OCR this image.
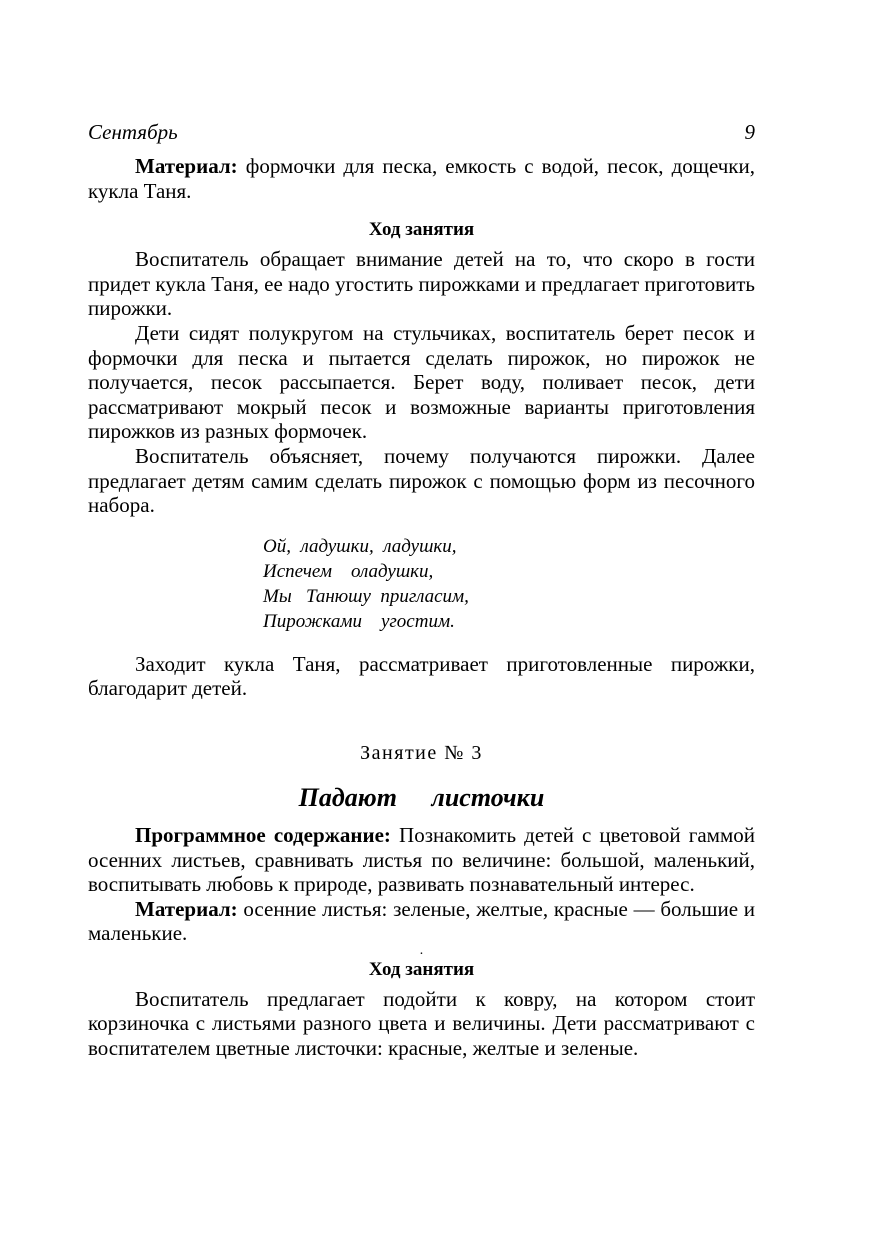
Сентябрь	9

Материал: формочки для песка, емкость с водой, песок, дощечки, кукла Таня.

Ход занятия

Воспитатель обращает внимание детей на то, что скоро в гости придет кукла Таня, ее надо угостить пирожками и предлагает приготовить пирожки.

Дети сидят полукругом на стульчиках, воспитатель берет песок и формочки для песка и пытается сделать пирожок, но пирожок не получается, песок рассыпается. Берет воду, поливает песок, дети рассматривают мокрый песок и возможные варианты приготовления пирожков из разных формочек.

Воспитатель объясняет, почему получаются пирожки. Далее предлагает детям самим сделать пирожок с помощью форм из песочного набора.

Ой,  ладушки,  ладушки,
Испечем    оладушки,
Мы   Танюшу  пригласим,
Пирожками    угостим.

Заходит кукла Таня, рассматривает приготовленные пирожки, благодарит детей.

Занятие № 3
Падают листочки

Программное содержание: Познакомить детей с цветовой гаммой осенних листьев, сравнивать листья по величине: большой, маленький, воспитывать любовь к природе, развивать познавательный интерес.

Материал: осенние листья: зеленые, желтые, красные — большие и маленькие.

·
Ход занятия

Воспитатель предлагает подойти к ковру, на котором стоит корзиночка с листьями разного цвета и величины. Дети рассматривают с воспитателем цветные листочки: красные, желтые и зеленые.
